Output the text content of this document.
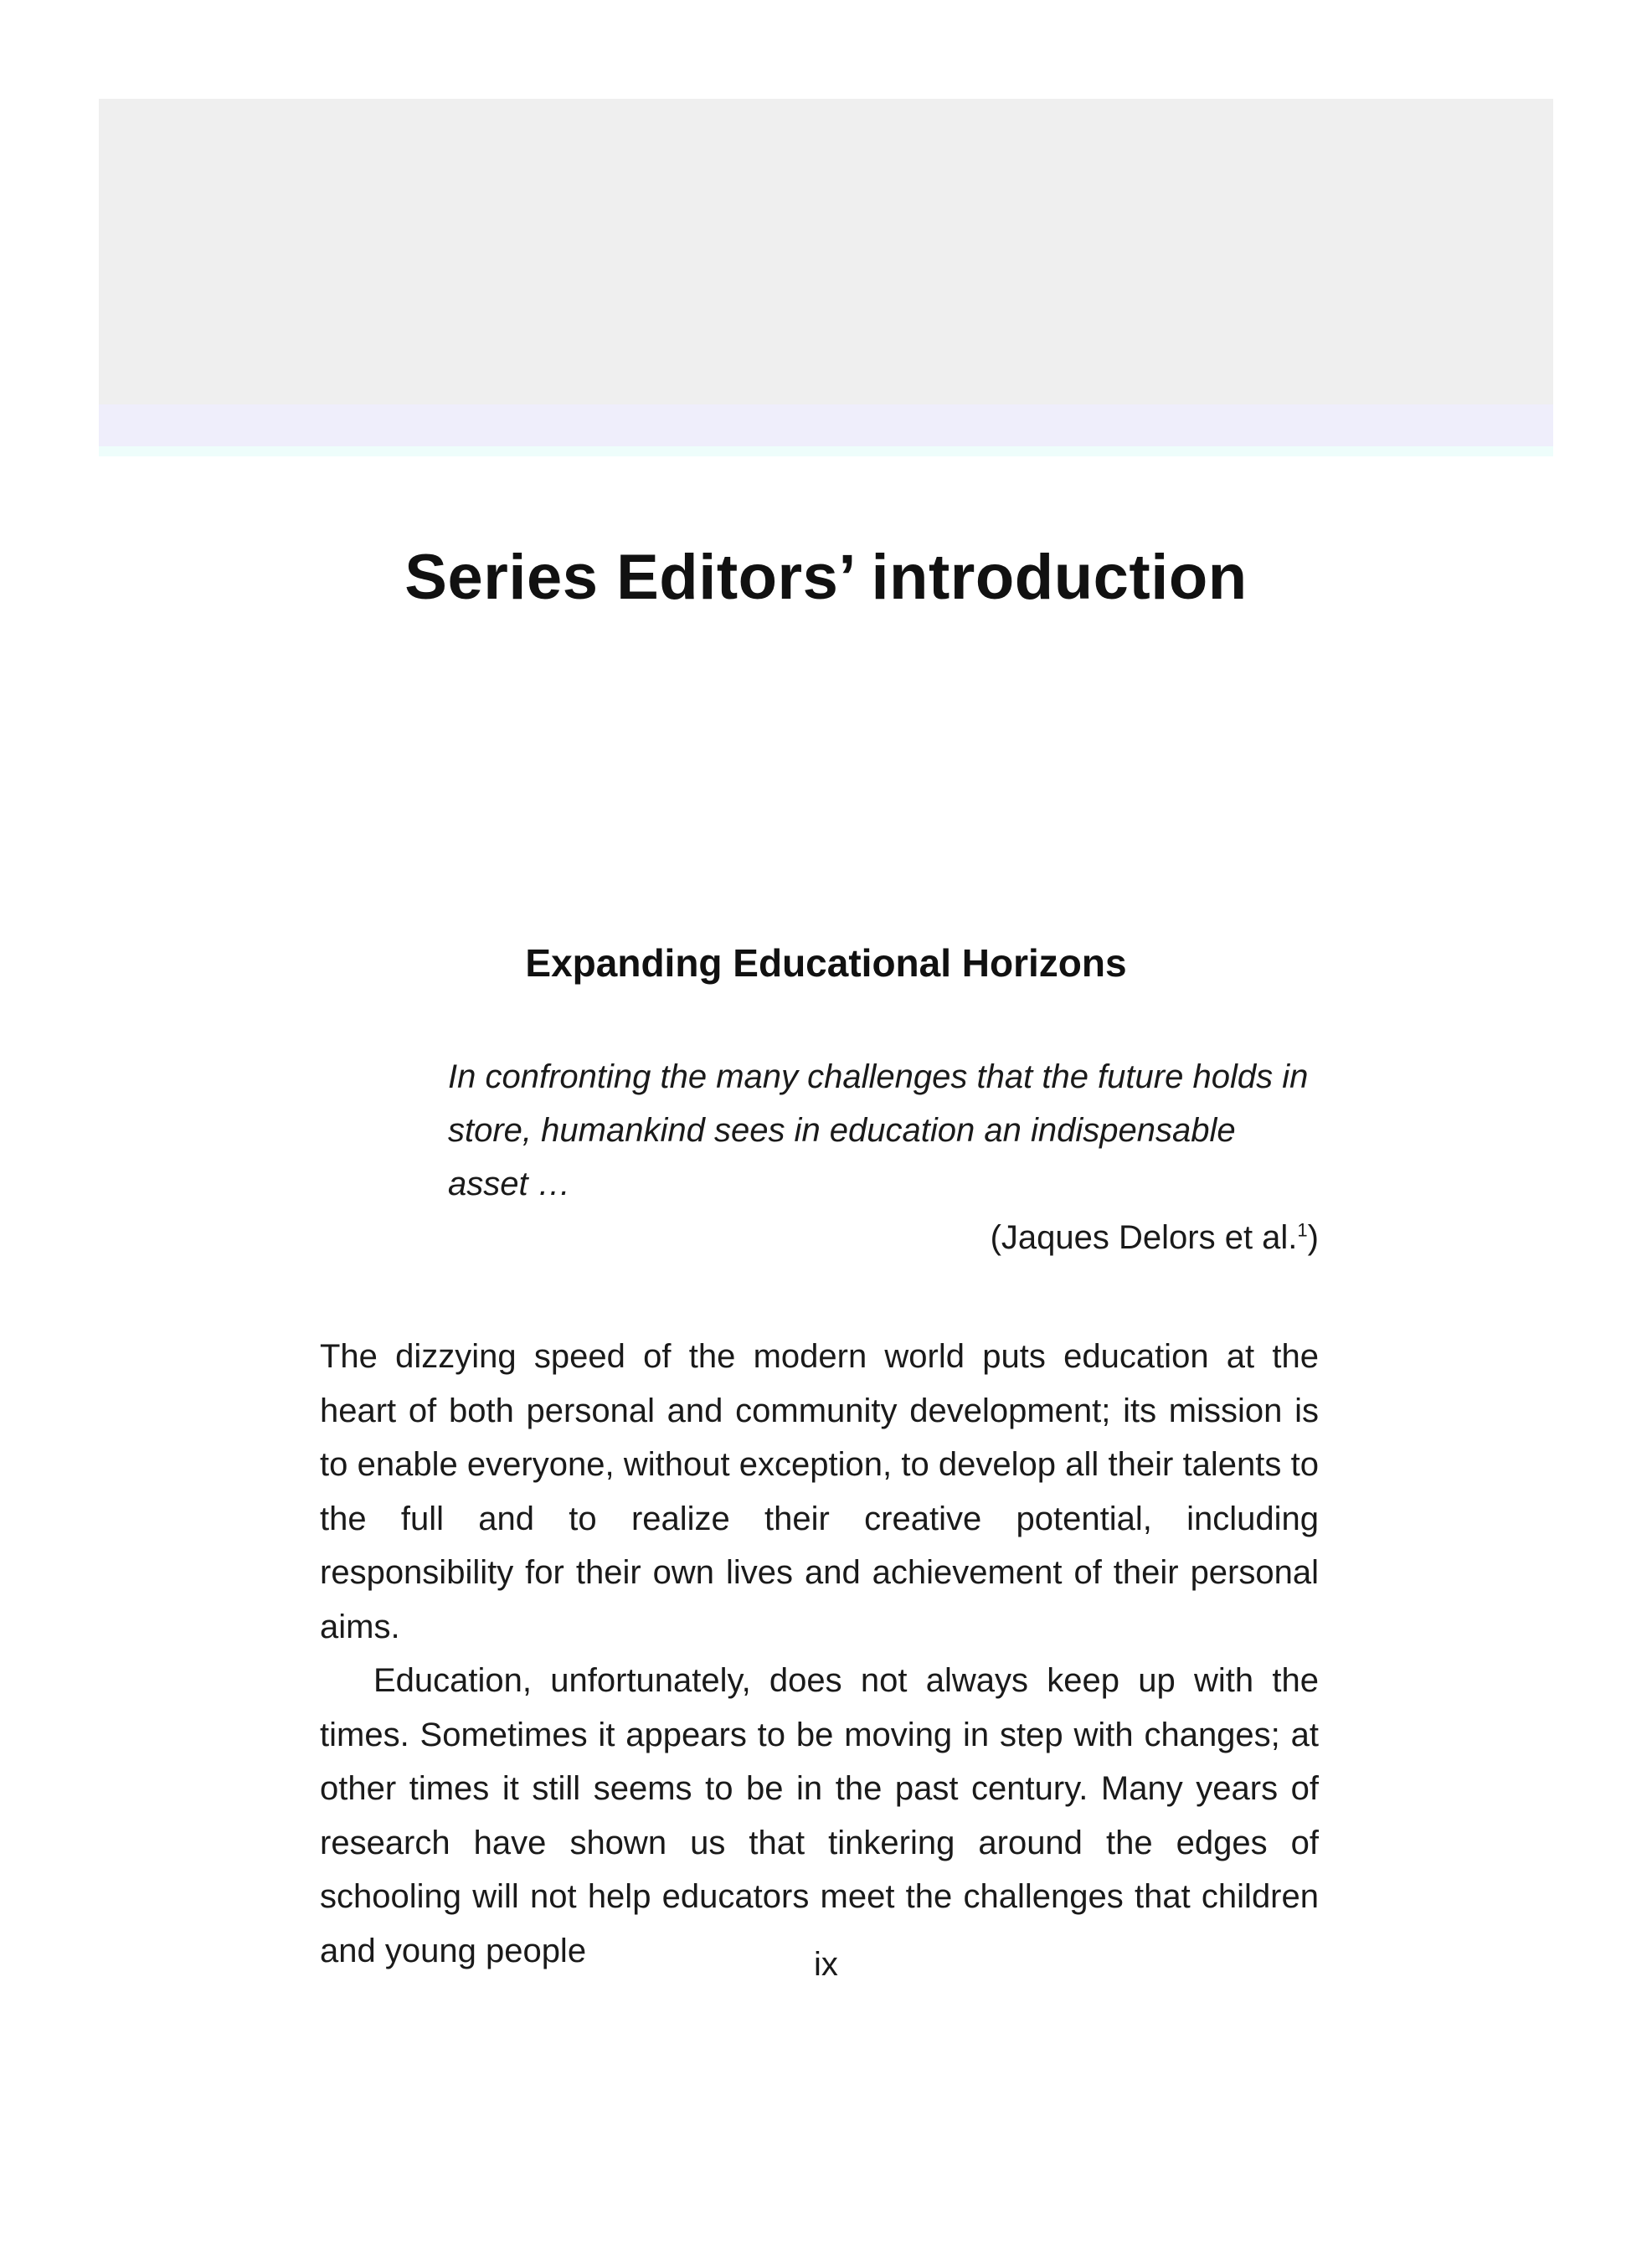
Series Editors’ introduction
Expanding Educational Horizons

In confronting the many challenges that the future holds in store, humankind sees in education an indispensable asset …

(Jaques Delors et al.$^1$)

The dizzying speed of the modern world puts education at the heart of both personal and community development; its mission is to enable everyone, without exception, to develop all their talents to the full and to realize their creative potential, including responsibility for their own lives and achievement of their personal aims.

Education, unfortunately, does not always keep up with the times. Sometimes it appears to be moving in step with changes; at other times it still seems to be in the past century. Many years of research have shown us that tinkering around the edges of schooling will not help educators meet the challenges that children and young people	ix
